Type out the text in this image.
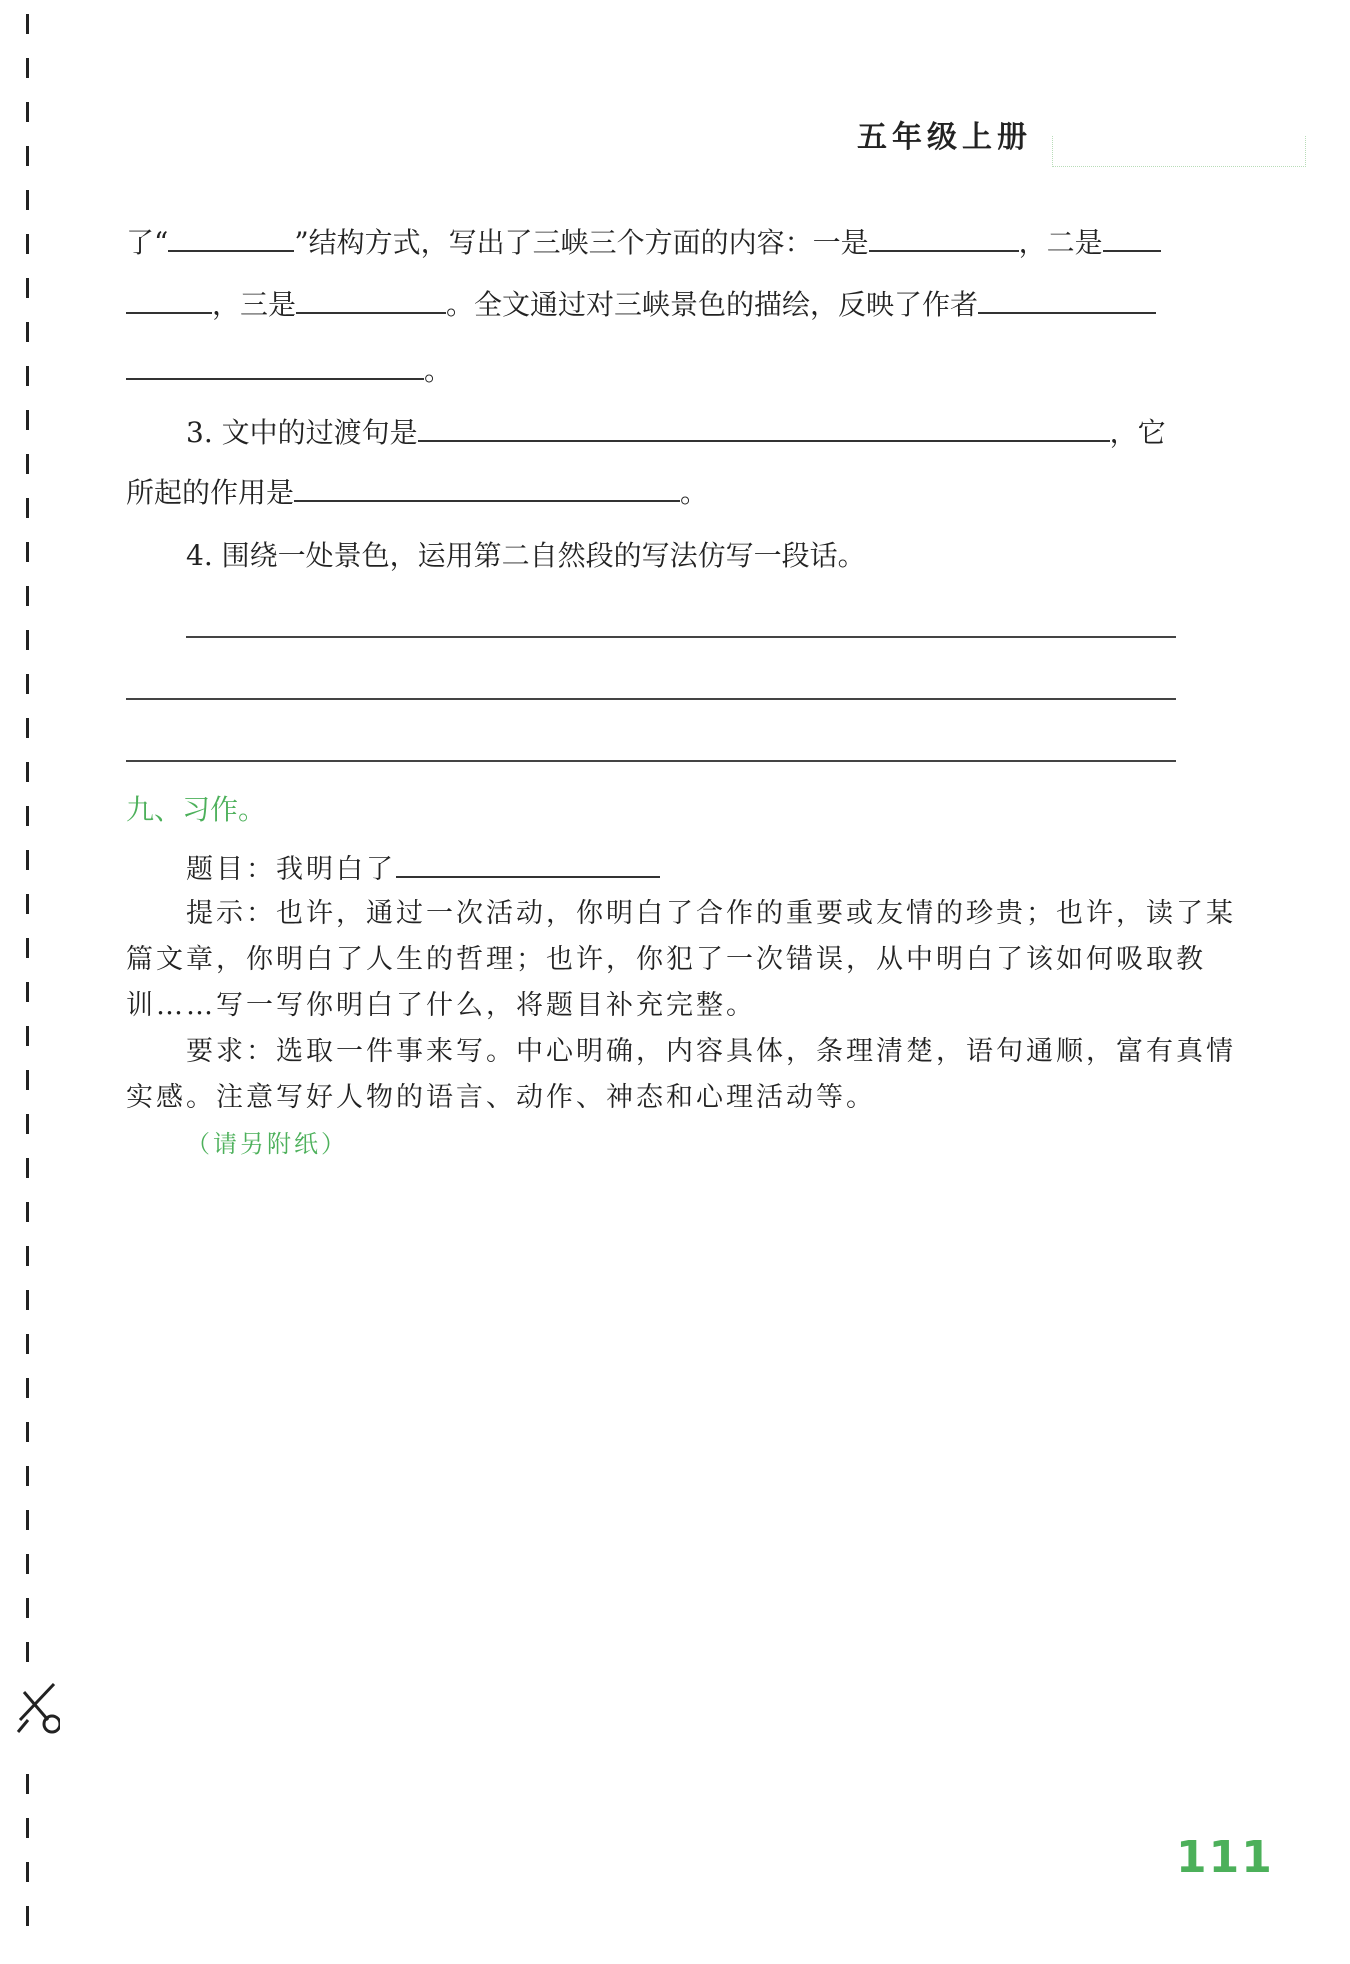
五年级上册
了“	”结构方式，写出了三峡三个方面的内容：一是	，二是
，三是	。全文通过对三峡景色的描绘，反映了作者
。
3. 文中的过渡句是	，它
所起的作用是	。
4. 围绕一处景色，运用第二自然段的写法仿写一段话。
九、习作。
题目：我明白了
提示：也许，通过一次活动，你明白了合作的重要或友情的珍贵；也许，读了某
篇文章，你明白了人生的哲理；也许，你犯了一次错误，从中明白了该如何吸取教
训……写一写你明白了什么，将题目补充完整。
要求：选取一件事来写。中心明确，内容具体，条理清楚，语句通顺，富有真情
实感。注意写好人物的语言、动作、神态和心理活动等。
（请另附纸）
111
